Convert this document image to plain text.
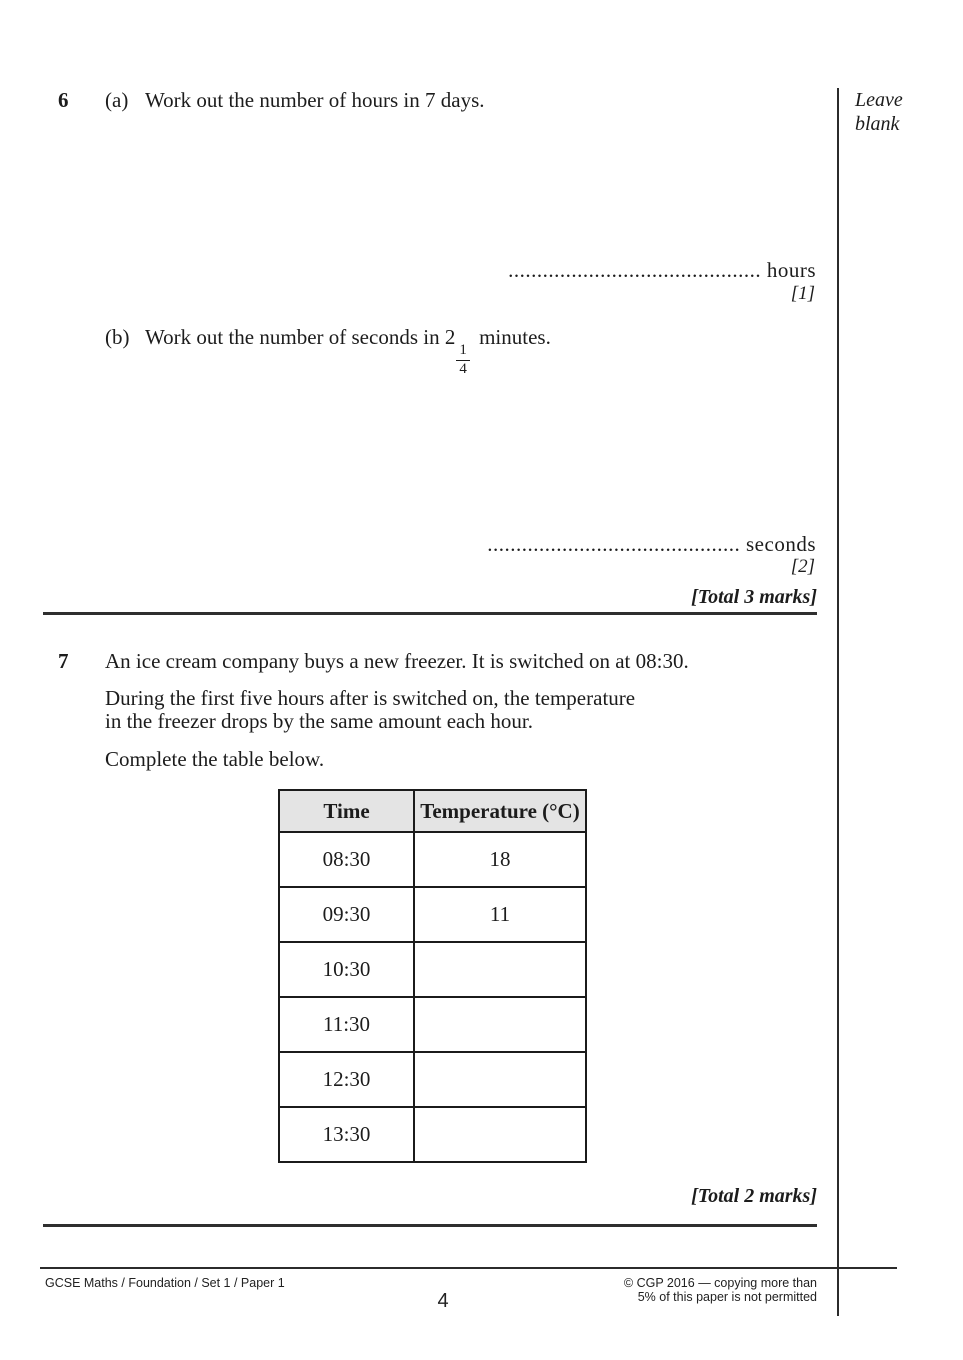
Leave
blank
6 (a) Work out the number of hours in 7 days.
............................................ hours
[1]
(b) Work out the number of seconds in 2
$\frac{1}{4}$
minutes.
............................................ seconds
[2]
[Total 3 marks]
7 An ice cream company buys a new freezer. It is switched on at 08:30.
During the first five hours after is switched on, the temperature
in the freezer drops by the same amount each hour.
Complete the table below.
Time	Temperature (°C)
08:30	18
09:30	11
10:30	
11:30	
12:30	
13:30	
[Total 2 marks]
GCSE Maths / Foundation / Set 1 / Paper 1	© CGP 2016 — copying more than
5% of this paper is not permitted
4
